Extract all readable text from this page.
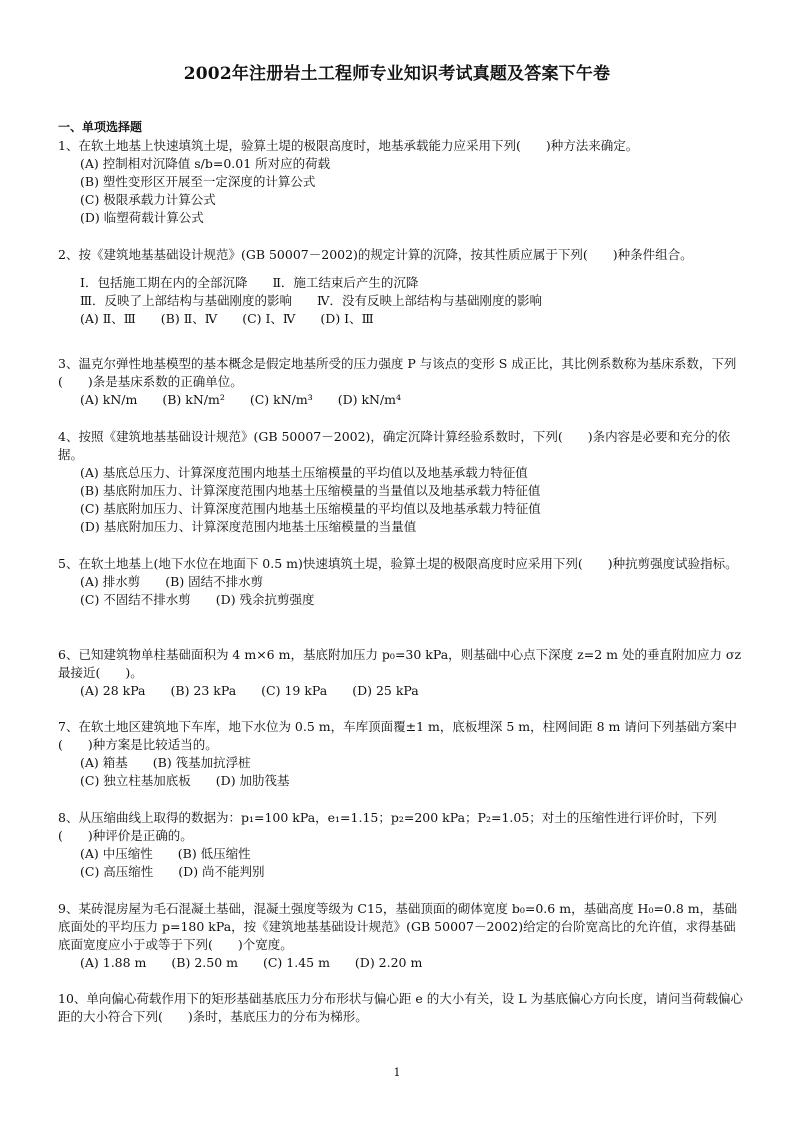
2002年注册岩土工程师专业知识考试真题及答案下午卷
一、单项选择题

1、在软土地基上快速填筑土堤，验算土堤的极限高度时，地基承载能力应采用下列(　　)种方法来确定。

(A) 控制相对沉降值 s/b=0.01 所对应的荷载

(B) 塑性变形区开展至一定深度的计算公式

(C) 极限承载力计算公式

(D) 临塑荷载计算公式

2、按《建筑地基基础设计规范》(GB 50007－2002)的规定计算的沉降，按其性质应属于下列(　　)种条件组合。

Ⅰ．包括施工期在内的全部沉降　　Ⅱ．施工结束后产生的沉降

Ⅲ．反映了上部结构与基础刚度的影响　　Ⅳ．没有反映上部结构与基础刚度的影响

(A) Ⅱ、Ⅲ　　(B) Ⅱ、Ⅳ　　(C) Ⅰ、Ⅳ　　(D) Ⅰ、Ⅲ

3、温克尔弹性地基模型的基本概念是假定地基所受的压力强度 P 与该点的变形 S 成正比，其比例系数称为基床系数，下列(　　)条是基床系数的正确单位。

(A) kN/m　　(B) kN/m²　　(C) kN/m³　　(D) kN/m⁴

4、按照《建筑地基基础设计规范》(GB 50007－2002)，确定沉降计算经验系数时，下列(　　)条内容是必要和充分的依据。

(A) 基底总压力、计算深度范围内地基土压缩模量的平均值以及地基承载力特征值

(B) 基底附加压力、计算深度范围内地基土压缩模量的当量值以及地基承载力特征值

(C) 基底附加压力、计算深度范围内地基土压缩模量的平均值以及地基承载力特征值

(D) 基底附加压力、计算深度范围内地基土压缩模量的当量值

5、在软土地基上(地下水位在地面下 0.5 m)快速填筑土堤，验算土堤的极限高度时应采用下列(　　)种抗剪强度试验指标。

(A) 排水剪　　(B) 固结不排水剪

(C) 不固结不排水剪　　(D) 残余抗剪强度

6、已知建筑物单柱基础面积为 4 m×6 m，基底附加压力 p₀=30 kPa，则基础中心点下深度 z=2 m 处的垂直附加应力 σz 最接近(　　)。

(A) 28 kPa　　(B) 23 kPa　　(C) 19 kPa　　(D) 25 kPa

7、在软土地区建筑地下车库，地下水位为 0.5 m，车库顶面覆±1 m，底板埋深 5 m，柱网间距 8 m 请问下列基础方案中(　　)种方案是比较适当的。

(A) 箱基　　(B) 筏基加抗浮桩

(C) 独立柱基加底板　　(D) 加肋筏基

8、从压缩曲线上取得的数据为：p₁=100 kPa，e₁=1.15；p₂=200 kPa；P₂=1.05；对土的压缩性进行评价时，下列(　　)种评价是正确的。

(A) 中压缩性　　(B) 低压缩性

(C) 高压缩性　　(D) 尚不能判别

9、某砖混房屋为毛石混凝土基础，混凝土强度等级为 C15，基础顶面的砌体宽度 b₀=0.6 m，基础高度 H₀=0.8 m，基础底面处的平均压力 p=180 kPa，按《建筑地基基础设计规范》(GB 50007－2002)给定的台阶宽高比的允许值，求得基础底面宽度应小于或等于下列(　　)个宽度。

(A) 1.88 m　　(B) 2.50 m　　(C) 1.45 m　　(D) 2.20 m

10、单向偏心荷载作用下的矩形基础基底压力分布形状与偏心距 e 的大小有关，设 L 为基底偏心方向长度，请问当荷载偏心距的大小符合下列(　　)条时，基底压力的分布为梯形。

1
